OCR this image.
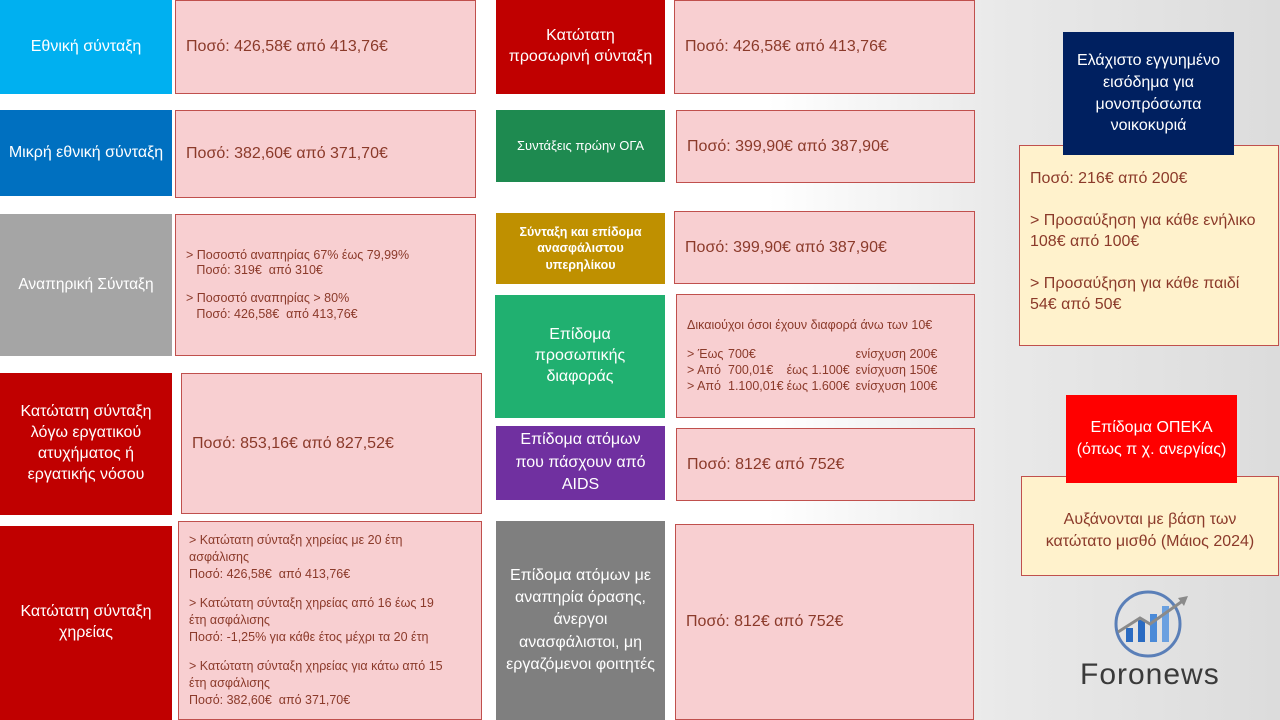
Εθνική σύνταξη	Ποσό: 426,58€ από 413,76€
Μικρή εθνική σύνταξη	Ποσό: 382,60€ από 371,70€
Αναπηρική Σύνταξη
> Ποσοστό αναπηρίας 67% έως 79,99%
Ποσό: 319€  από 310€
> Ποσοστό αναπηρίας > 80%
Ποσό: 426,58€  από 413,76€
Κατώτατη σύνταξη λόγω εργατικού ατυχήματος ή εργατικής νόσου
Ποσό: 853,16€ από 827,52€
Κατώτατη σύνταξη χηρείας
> Κατώτατη σύνταξη χηρείας με 20 έτη
ασφάλισης
Ποσό: 426,58€  από 413,76€
> Κατώτατη σύνταξη χηρείας από 16 έως 19
έτη ασφάλισης
Ποσό: -1,25% για κάθε έτος μέχρι τα 20 έτη
> Κατώτατη σύνταξη χηρείας για κάτω από 15
έτη ασφάλισης
Ποσό: 382,60€  από 371,70€
Κατώτατη προσωρινή σύνταξη
Ποσό: 426,58€ από 413,76€
Συντάξεις πρώην ΟΓΑ	Ποσό: 399,90€ από 387,90€
Σύνταξη και επίδομα ανασφάλιστου υπερηλίκου
Ποσό: 399,90€ από 387,90€
Επίδομα προσωπικής διαφοράς
Δικαιούχοι όσοι έχουν διαφορά άνω των 10€
> Έως	700€		ενίσχυση 200€
> Από	700,01€	έως 1.100€	ενίσχυση 150€
> Από	1.100,01€	έως 1.600€	ενίσχυση 100€
Επίδομα ατόμων που πάσχουν από AIDS
Ποσό: 812€ από 752€
Επίδομα ατόμων με αναπηρία όρασης, άνεργοι ανασφάλιστοι, μη εργαζόμενοι φοιτητές
Ποσό: 812€ από 752€
Ποσό: 216€ από 200€
> Προσαύξηση για κάθε ενήλικο 108€ από 100€
> Προσαύξηση για κάθε παιδί 54€ από 50€
Ελάχιστο εγγυημένο εισόδημα για μονοπρόσωπα νοικοκυριά
Αυξάνονται με βάση των κατώτατο μισθό (Μάιος 2024)
Επίδομα ΟΠΕΚΑ (όπως π χ. ανεργίας)
Foronews
